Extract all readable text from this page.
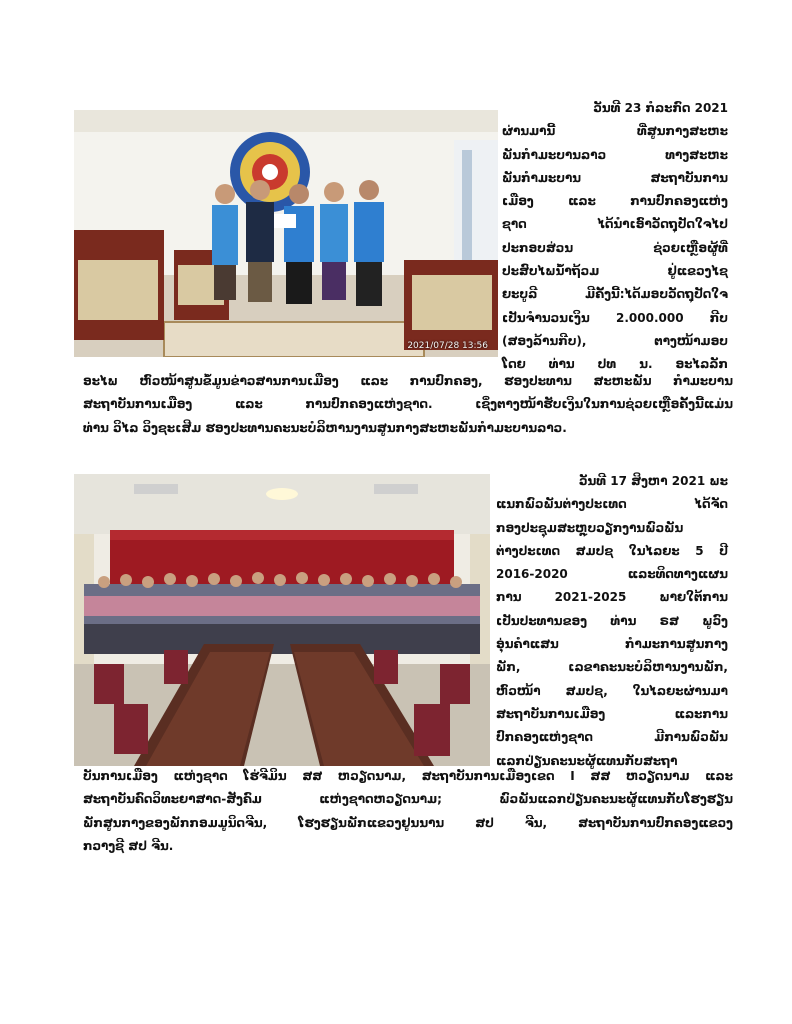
2021/07/28 13:56
ວັນທີ 23 ກໍລະກົດ 2021
ຜ່ານມານີ້ ທີ່ສູນກາງສະຫະ
ພັນກໍາມະບານລາວ ທາງສະຫະ
ພັນກໍາມະບານ ສະຖາບັນການ
ເມືອງ ແລະ ການປົກຄອງແຫ່ງ
ຊາດ ໄດ້ນໍາເອົາວັດຖຸປັດໃຈໄປ
ປະກອບສ່ວນ ຊ່ວຍເຫຼືອຜູ້ທີ່
ປະສົບໄພນໍ້າຖ້ວມ ຢູ່ແຂວງໄຊ
ຍະບູລີ ມີຄັ້ງນີ້:ໄດ້ມອບວັດຖຸປັດໃຈ
ເປັນຈໍານວນເງິນ 2.000.000 ກີບ
(ສອງລ້ານກີບ), ຕາງໜ້າມອບ
ໂດຍ ທ່ານ ປທ ນ. ອະໄລລັກ
ອະໄພ ຫົວໜ້າສູນຂໍ້ມູນຂ່າວສານການເມືອງ ແລະ ການປົກຄອງ, ຮອງປະທານ ສະຫະພັນ ກໍາມະບານ
ສະຖາບັນການເມືອງ ແລະ ການປົກຄອງແຫ່ງຊາດ. ເຊິ່ງຕາງໜ້າຮັບເງິນໃນການຊ່ວຍເຫຼືອຄັ້ງນີ້ແມ່ນ
ທ່ານ ວິໄລ ວິງຊະເສີມ ຮອງປະທານຄະນະບໍລິຫານງານສູນກາງສະຫະພັນກໍາມະບານລາວ.
ວັນທີ 17 ສິງຫາ 2021 ພະ
ແນກພົວພັນຕ່າງປະເທດ ໄດ້ຈັດ
ກອງປະຊຸມສະຫຼຸບວຽກງານພົວພັນ
ຕ່າງປະເທດ ສມປຊ ໃນໄລຍະ 5 ປີ
2016-2020 ແລະທິດທາງແຜນ
ການ 2021-2025 ພາຍໃຕ້ການ
ເປັນປະທານຂອງ ທ່ານ ຣສ ພູວົງ
ອຸ່ນຄໍາແສນ ກໍາມະການສູນກາງ
ພັກ, ເລຂາຄະນະບໍລິຫານງານພັກ,
ຫົວໜ້າ ສມປຊ, ໃນໄລຍະຜ່ານມາ
ສະຖາບັນການເມືອງ ແລະການ
ປົກຄອງແຫ່ງຊາດ ມີການພົວພັນ
ແລກປ່ຽນຄະນະຜູ້ແທນກັບສະຖາ
ບັນການເມືອງ ແຫ່ງຊາດ ໂຮ່ຈີມິນ ສສ ຫວຽດນາມ, ສະຖາບັນການເມືອງເຂດ I ສສ ຫວຽດນາມ ແລະ
ສະຖາບັນຄົດວິທະຍາສາດ-ສັງຄົມ ແຫ່ງຊາດຫວຽດນາມ; ພົວພັນແລກປ່ຽນຄະນະຜູ້ແທນກັບໂຮງຮຽນ
ພັກສູນກາງຂອງພັກກອມມູນິດຈີນ, ໂຮງຮຽນພັກແຂວງຢູນນານ ສປ ຈີນ, ສະຖາບັນການປົກຄອງແຂວງ
ກວາງຊີ ສປ ຈີນ.
